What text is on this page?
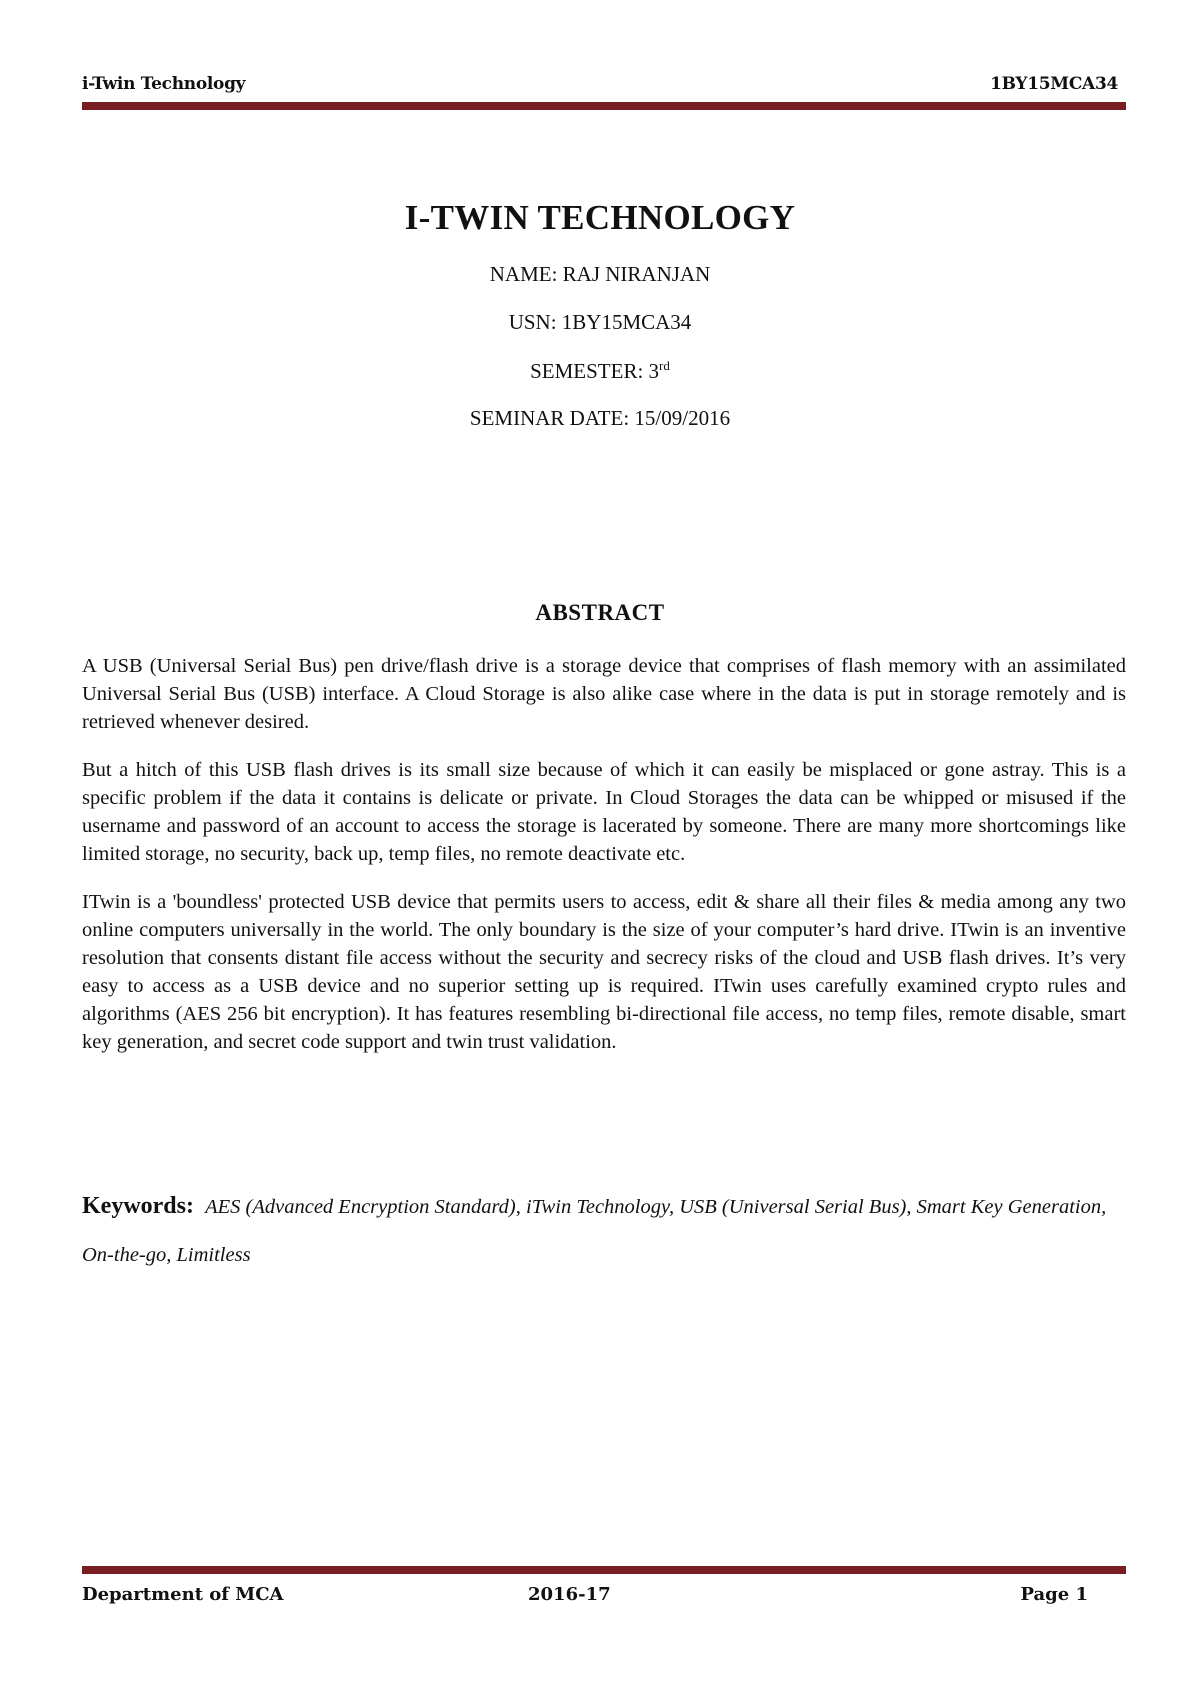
i-Twin Technology	1BY15MCA34
I-TWIN TECHNOLOGY
NAME: RAJ NIRANJAN
USN: 1BY15MCA34
SEMESTER: 3rd
SEMINAR DATE: 15/09/2016
ABSTRACT

A USB (Universal Serial Bus) pen drive/flash drive is a storage device that comprises of flash memory with an assimilated Universal Serial Bus (USB) interface. A Cloud Storage is also alike case where in the data is put in storage remotely and is retrieved whenever desired.

But a hitch of this USB flash drives is its small size because of which it can easily be misplaced or gone astray. This is a specific problem if the data it contains is delicate or private. In Cloud Storages the data can be whipped or misused if the username and password of an account to access the storage is lacerated by someone. There are many more shortcomings like limited storage, no security, back up, temp files, no remote deactivate etc.

ITwin is a 'boundless' protected USB device that permits users to access, edit & share all their files & media among any two online computers universally in the world. The only boundary is the size of your computer’s hard drive. ITwin is an inventive resolution that consents distant file access without the security and secrecy risks of the cloud and USB flash drives. It’s very easy to access as a USB device and no superior setting up is required. ITwin uses carefully examined crypto rules and algorithms (AES 256 bit encryption). It has features resembling bi-directional file access, no temp files, remote disable, smart key generation, and secret code support and twin trust validation.

Keywords: AES (Advanced Encryption Standard), iTwin Technology, USB (Universal Serial Bus), Smart Key Generation, On-the-go, Limitless
Department of MCA	2016-17	Page 1
